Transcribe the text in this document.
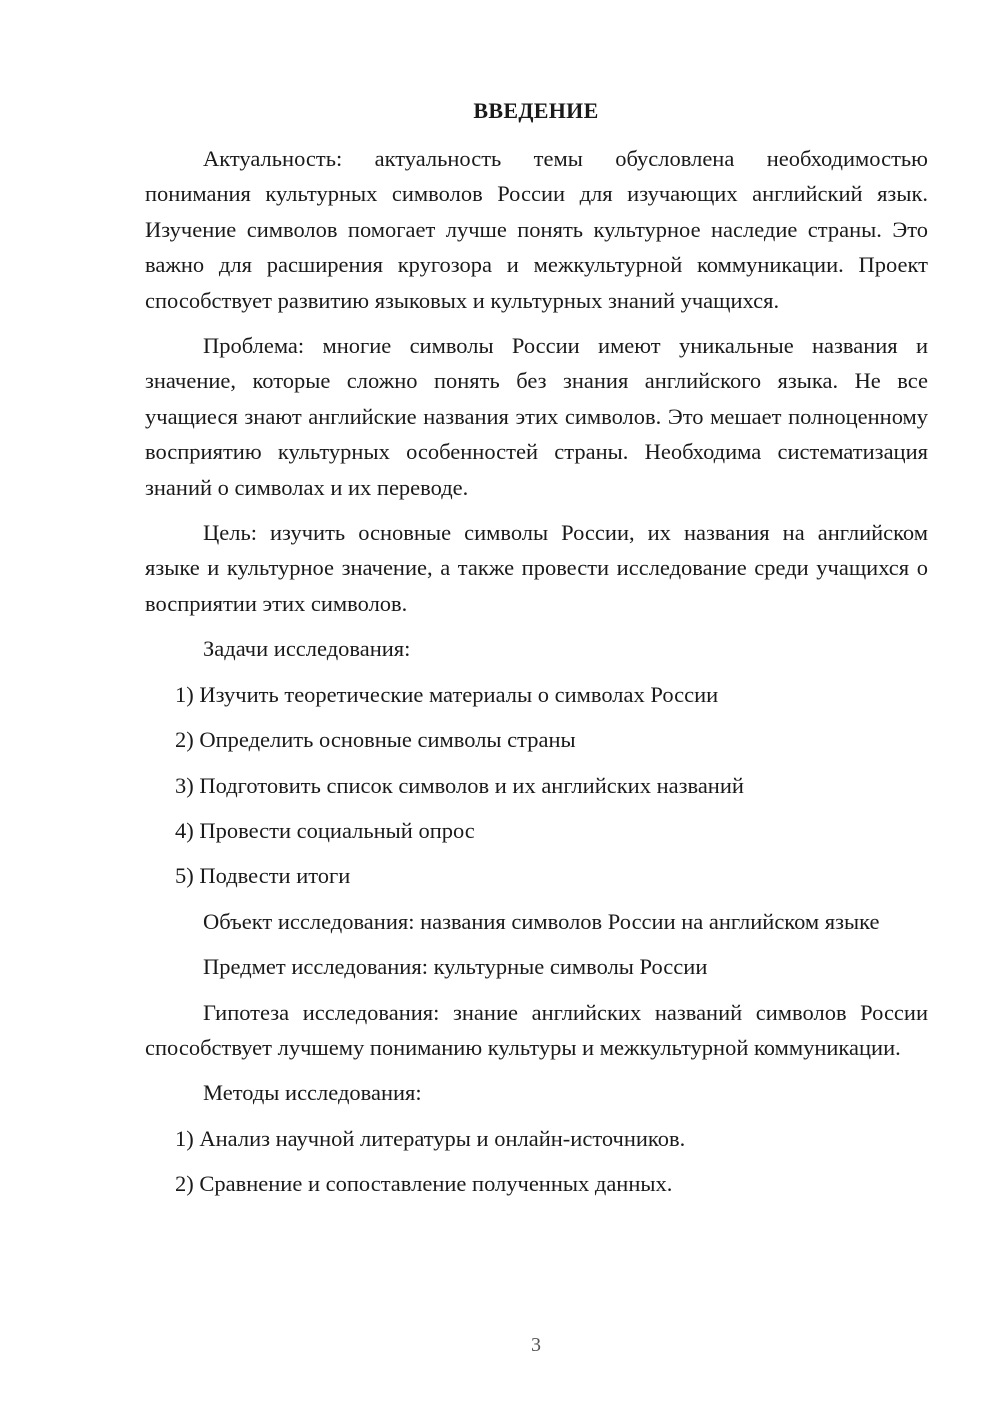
ВВЕДЕНИЕ

Актуальность: актуальность темы обусловлена необходимостью понимания культурных символов России для изучающих английский язык. Изучение символов помогает лучше понять культурное наследие страны. Это важно для расширения кругозора и межкультурной коммуникации. Проект способствует развитию языковых и культурных знаний учащихся.

Проблема: многие символы России имеют уникальные названия и значение, которые сложно понять без знания английского языка. Не все учащиеся знают английские названия этих символов. Это мешает полноценному восприятию культурных особенностей страны. Необходима систематизация знаний о символах и их переводе.

Цель: изучить основные символы России, их названия на английском языке и культурное значение, а также провести исследование среди учащихся о восприятии этих символов.

Задачи исследования:

1) Изучить теоретические материалы о символах России

2) Определить основные символы страны

3) Подготовить список символов и их английских названий

4) Провести социальный опрос

5) Подвести итоги

Объект исследования: названия символов России на английском языке

Предмет исследования: культурные символы России

Гипотеза исследования: знание английских названий символов России способствует лучшему пониманию культуры и межкультурной коммуникации.

Методы исследования:

1) Анализ научной литературы и онлайн-источников.

2) Сравнение и сопоставление полученных данных.

3
